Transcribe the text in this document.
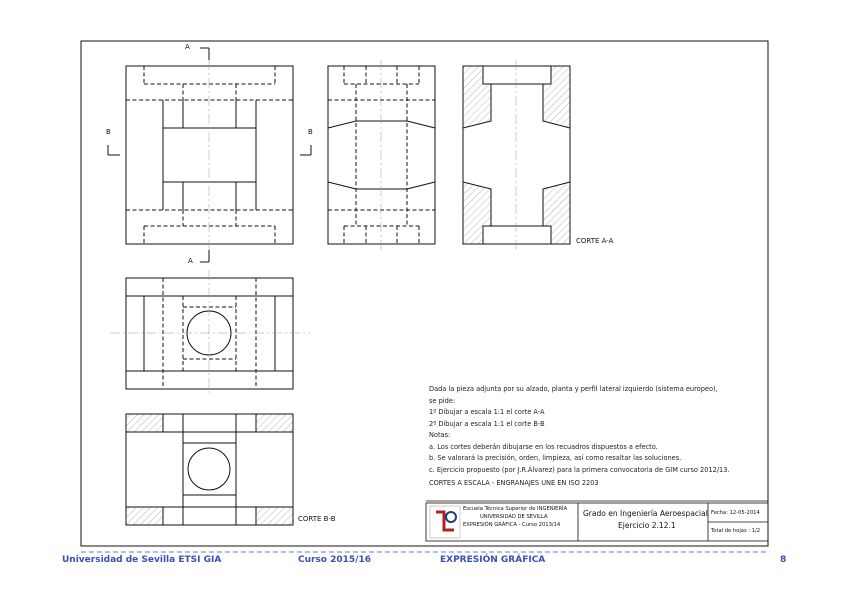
A
A
B	B
CORTE A-A
CORTE B-B
Dada la pieza adjunta por su alzado, planta y perfil lateral izquierdo (sistema europeo),
se pide:
1º Dibujar a escala 1:1 el corte A-A
2º Dibujar a escala 1:1 el corte B-B
Notas:
a. Los cortes deberán dibujarse en los recuadros dispuestos a efecto.
b. Se valorará la precisión, orden, limpieza, así como resaltar las soluciones.
c. Ejercicio propuesto (por J.R.Álvarez) para la primera convocatoria de GIM curso 2012/13.
CORTES A ESCALA - ENGRANAJES UNE EN ISO 2203
Escuela Técnica Superior de INGENIERÍA
UNIVERSIDAD DE SEVILLA
EXPRESIÓN GRÁFICA - Curso 2013/14
Grado en Ingeniería Aeroespacial
Ejercicio 2.12.1
Fecha: 12-05-2014
Total de hojas : 1/2
Universidad de Sevilla ETSI GIA	Curso 2015/16	EXPRESIÓN GRÁFICA	8
